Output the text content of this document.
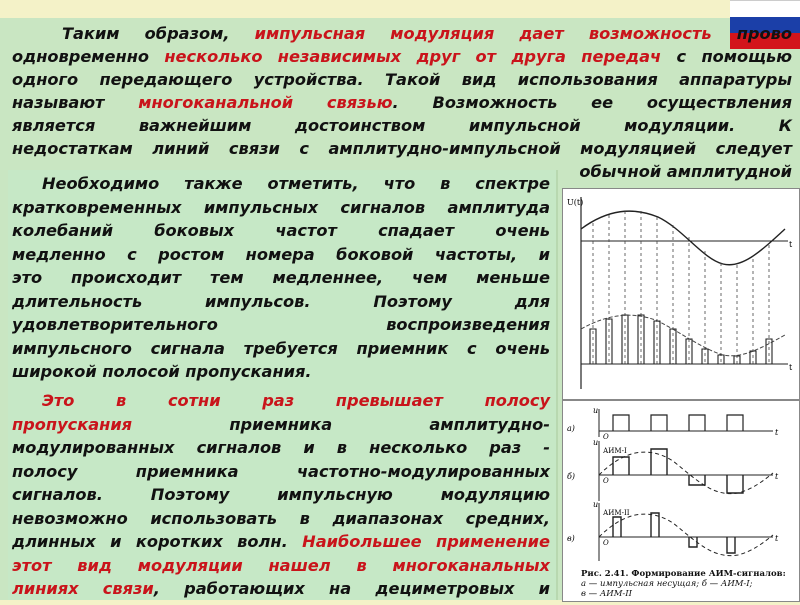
Таким образом, импульсная модуляция дает возможность прово
одновременно несколько независимых друг от друга передач с помощью
одного передающего устройства. Такой вид использования аппаратуры
называют многоканальной связью. Возможность ее осуществления
является важнейшим достоинством импульсной модуляции. К
недостаткам линий связи с амплитудно-импульсной модуляцией следует
обычной амплитудной
Необходимо также отметить, что в спектре
кратковременных импульсных сигналов амплитуда
колебаний боковых частот спадает очень
медленно с ростом номера боковой частоты, и
это происходит тем медленнее, чем меньше
длительность импульсов. Поэтому для
удовлетворительного воспроизведения
импульсного сигнала требуется приемник с очень
широкой полосой пропускания.
Это в сотни раз превышает полосу
пропускания	приемника амплитудно-
модулированных сигналов и в несколько раз -
полосу приемника частотно-модулированных
сигналов. Поэтому импульсную модуляцию
невозможно использовать в диапазонах средних,
длинных и коротких волн. Наибольшее применение
этот вид модуляции нашел в многоканальных
линиях связи, работающих на дециметровых и
U(t)
t
t
а)
u
t
О
б)
u
АИМ-I
t
О
в)
u
АИМ-II
t
О
Рис. 2.41. Формирование АИМ-сигналов:
а — импульсная несущая; б — АИМ-I;
в — АИМ-II
